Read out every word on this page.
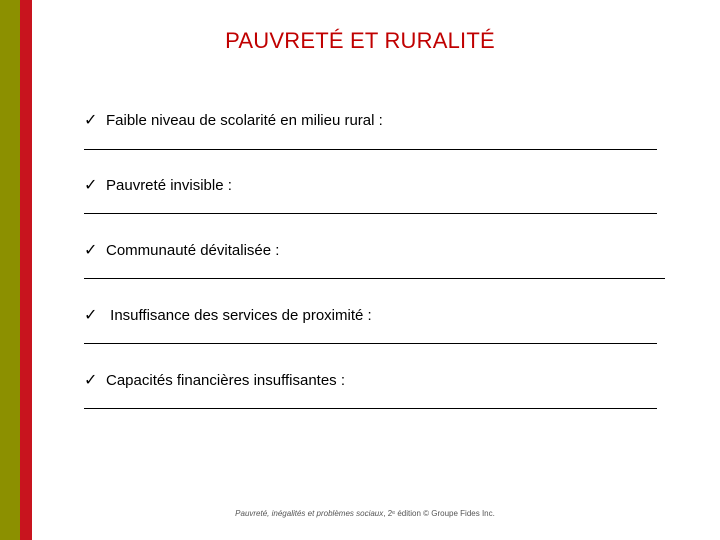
PAUVRETÉ ET RURALITÉ
✓ Faible niveau de scolarité en milieu rural :
✓ Pauvreté invisible :
✓ Communauté dévitalisée :
✓ Insuffisance des services de proximité :
✓ Capacités financières insuffisantes :
Pauvreté, inégalités et problèmes sociaux, 2ᵉ édition © Groupe Fides Inc.
